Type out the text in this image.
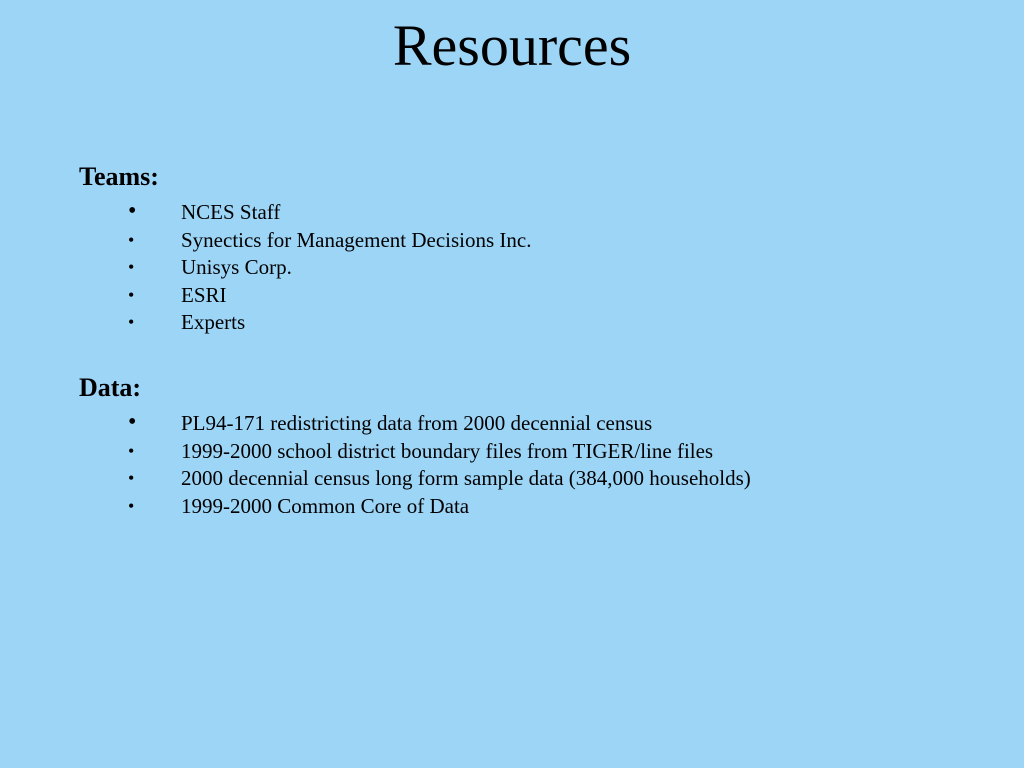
Resources
Teams:
• NCES Staff
• Synectics for Management Decisions Inc.
• Unisys Corp.
• ESRI
• Experts
Data:
• PL94-171 redistricting data from 2000 decennial census
• 1999-2000 school district boundary files from TIGER/line files
• 2000 decennial census long form sample data (384,000 households)
• 1999-2000 Common Core of Data
